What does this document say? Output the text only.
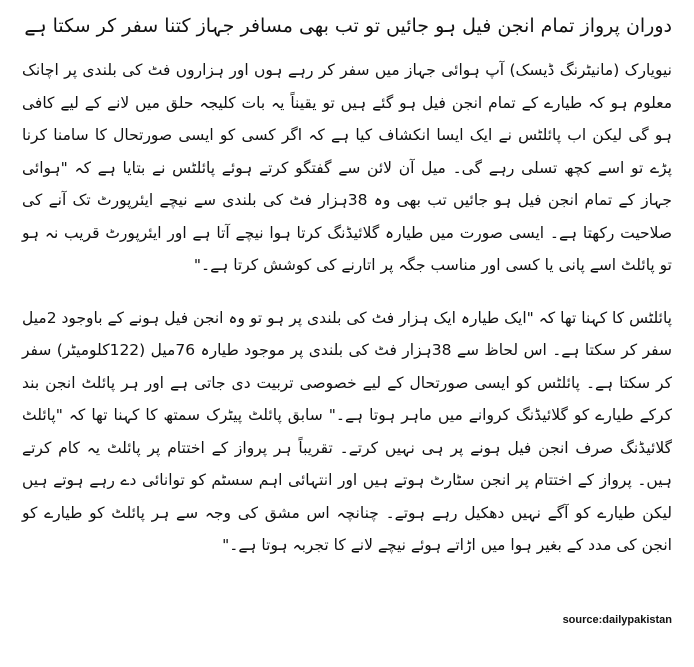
دوران پرواز تمام انجن فیل ہو جائیں تو تب بھی مسافر جہاز کتنا سفر کر سکتا ہے

نیویارک (مانیٹرنگ ڈیسک) آپ ہوائی جہاز میں سفر کر رہے ہوں اور ہزاروں فٹ کی بلندی پر اچانک معلوم ہو کہ طیارے کے تمام انجن فیل ہو گئے ہیں تو یقیناً یہ بات کلیجہ حلق میں لانے کے لیے کافی ہو گی لیکن اب پائلٹس نے ایک ایسا انکشاف کیا ہے کہ اگر کسی کو ایسی صورتحال کا سامنا کرنا پڑے تو اسے کچھ تسلی رہے گی۔ میل آن لائن سے گفتگو کرتے ہوئے پائلٹس نے بتایا ہے کہ "ہوائی جہاز کے تمام انجن فیل ہو جائیں تب بھی وہ 38ہزار فٹ کی بلندی سے نیچے ایئرپورٹ تک آنے کی صلاحیت رکھتا ہے۔ ایسی صورت میں طیارہ گلائیڈنگ کرتا ہوا نیچے آتا ہے اور ایئرپورٹ قریب نہ ہو تو پائلٹ اسے پانی یا کسی اور مناسب جگہ پر اتارنے کی کوشش کرتا ہے۔"

پائلٹس کا کہنا تھا کہ "ایک طیارہ ایک ہزار فٹ کی بلندی پر ہو تو وہ انجن فیل ہونے کے باوجود 2میل سفر کر سکتا ہے۔ اس لحاظ سے 38ہزار فٹ کی بلندی پر موجود طیارہ 76میل (122کلومیٹر) سفر کر سکتا ہے۔ پائلٹس کو ایسی صورتحال کے لیے خصوصی تربیت دی جاتی ہے اور ہر پائلٹ انجن بند کرکے طیارے کو گلائیڈنگ کروانے میں ماہر ہوتا ہے۔" سابق پائلٹ پیٹرک سمتھ کا کہنا تھا کہ "پائلٹ گلائیڈنگ صرف انجن فیل ہونے پر ہی نہیں کرتے۔ تقریباً ہر پرواز کے اختتام پر پائلٹ یہ کام کرتے ہیں۔ پرواز کے اختتام پر انجن سٹارٹ ہوتے ہیں اور انتہائی اہم سسٹم کو توانائی دے رہے ہوتے ہیں لیکن طیارے کو آگے نہیں دھکیل رہے ہوتے۔ چنانچہ اس مشق کی وجہ سے ہر پائلٹ کو طیارے کو انجن کی مدد کے بغیر ہوا میں اڑاتے ہوئے نیچے لانے کا تجربہ ہوتا ہے۔"

source:dailypakistan
